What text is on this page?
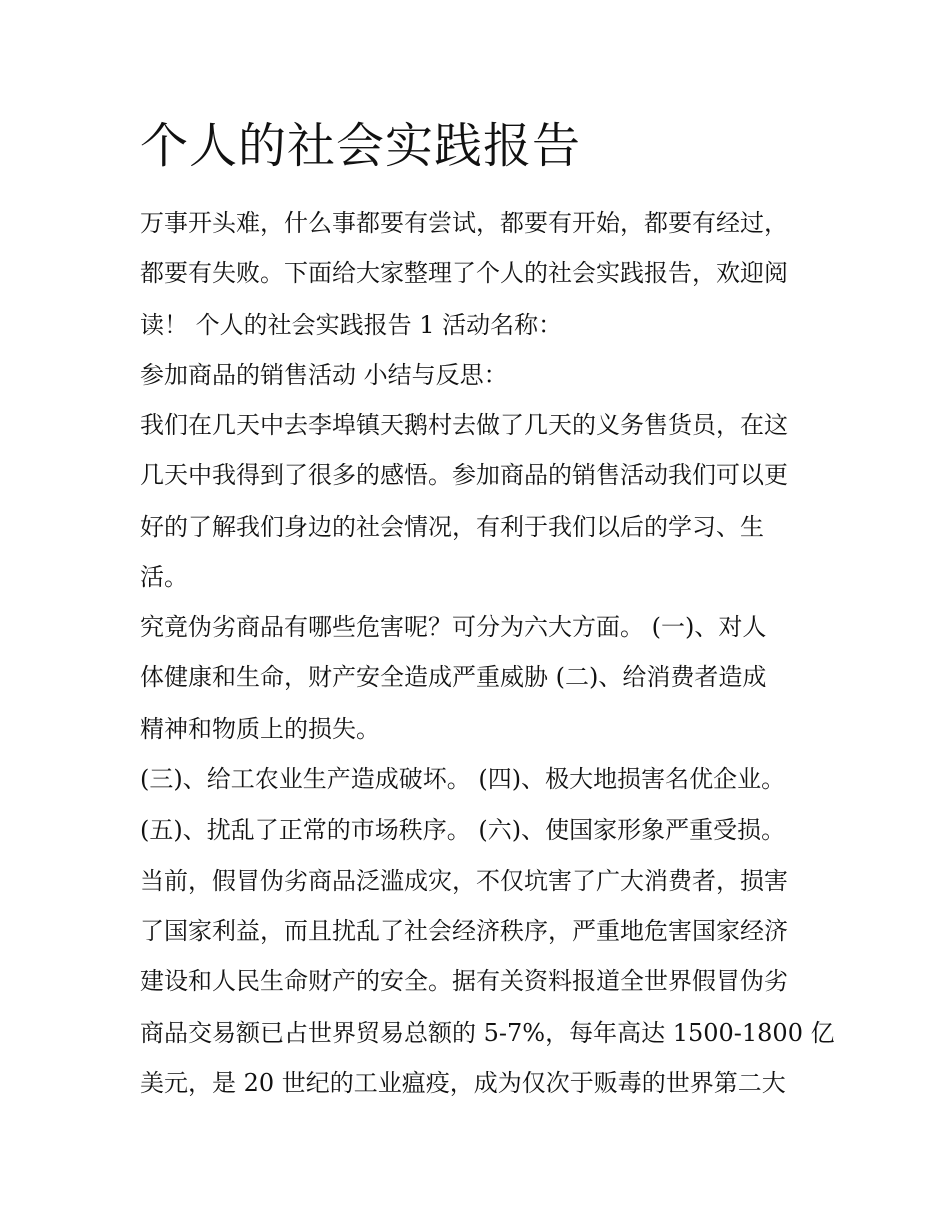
个人的社会实践报告

万事开头难，什么事都要有尝试，都要有开始，都要有经过，

都要有失败。下面给大家整理了个人的社会实践报告，欢迎阅

读！ 个人的社会实践报告 1 活动名称：

参加商品的销售活动 小结与反思：

我们在几天中去李埠镇天鹅村去做了几天的义务售货员，在这

几天中我得到了很多的感悟。参加商品的销售活动我们可以更

好的了解我们身边的社会情况，有利于我们以后的学习、生

活。

究竟伪劣商品有哪些危害呢？可分为六大方面。 (一)、对人

体健康和生命，财产安全造成严重威胁 (二)、给消费者造成

精神和物质上的损失。

(三)、给工农业生产造成破坏。 (四)、极大地损害名优企业。

(五)、扰乱了正常的市场秩序。 (六)、使国家形象严重受损。

当前，假冒伪劣商品泛滥成灾，不仅坑害了广大消费者，损害

了国家利益，而且扰乱了社会经济秩序，严重地危害国家经济

建设和人民生命财产的安全。据有关资料报道全世界假冒伪劣

商品交易额已占世界贸易总额的 5-7%，每年高达 1500-1800 亿

美元，是 20 世纪的工业瘟疫，成为仅次于贩毒的世界第二大
